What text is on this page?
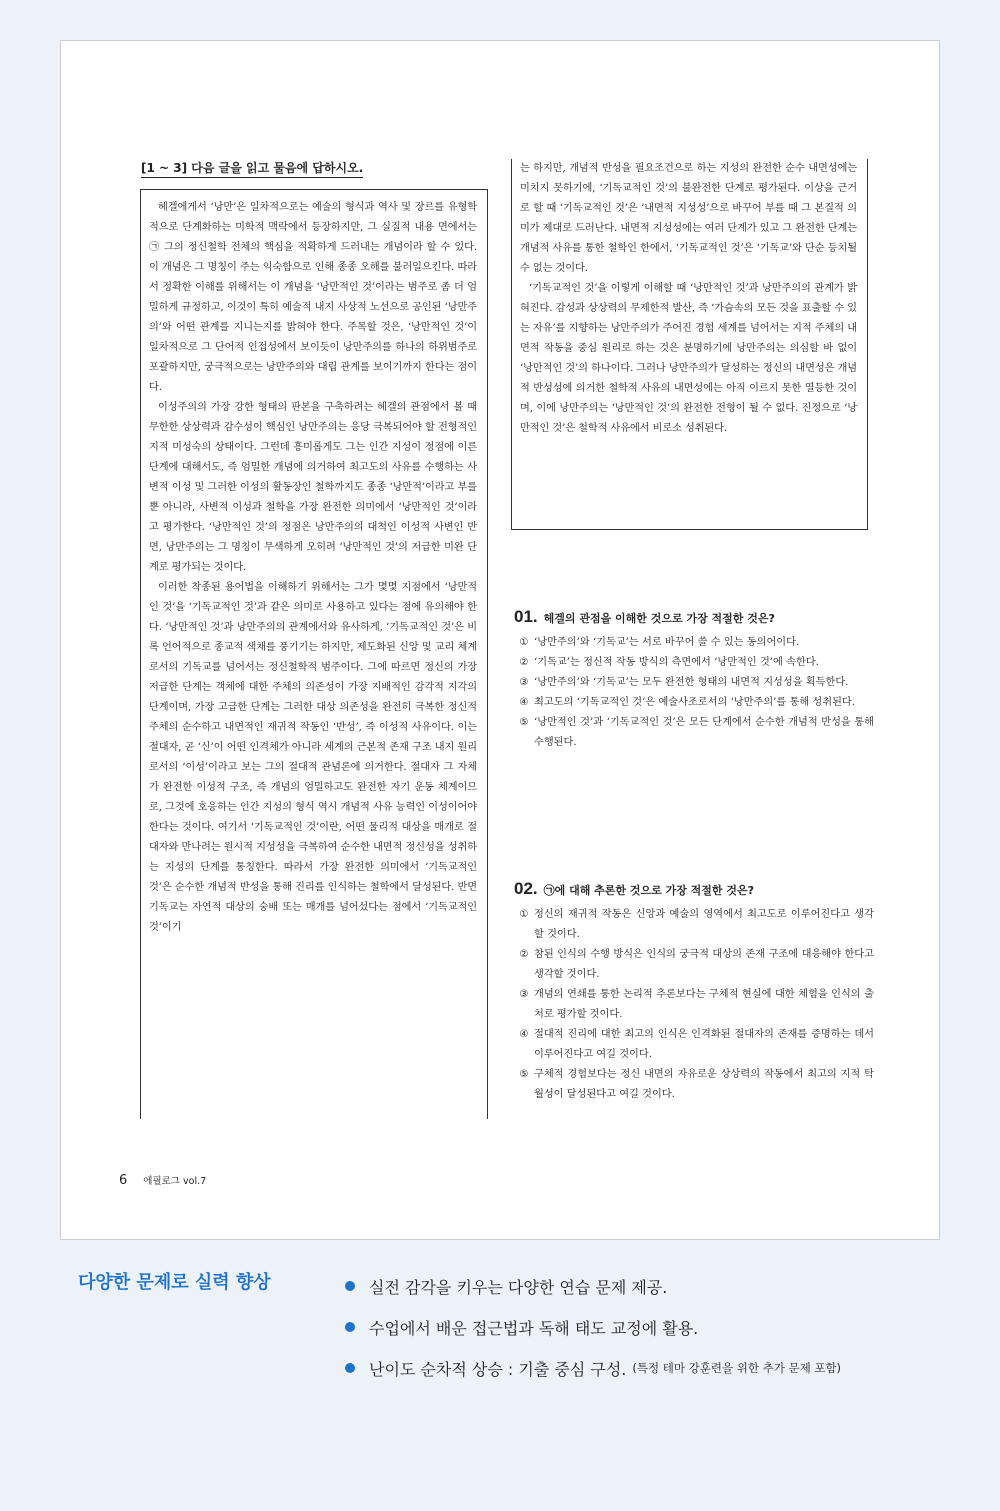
[1 ~ 3] 다음 글을 읽고 물음에 답하시오.

헤겔에게서 ‘낭만’은 일차적으로는 예술의 형식과 역사 및 장르를 유형학적으로 단계화하는 미학적 맥락에서 등장하지만, 그 실질적 내용 면에서는 ㉠ 그의 정신철학 전체의 핵심을 적확하게 드러내는 개념이라 할 수 있다. 이 개념은 그 명칭이 주는 익숙함으로 인해 종종 오해를 불러일으킨다. 따라서 정확한 이해를 위해서는 이 개념을 ‘낭만적인 것’이라는 범주로 좀 더 엄밀하게 규정하고, 이것이 특히 예술적 내지 사상적 노선으로 공인된 ‘낭만주의’와 어떤 관계를 지니는지를 밝혀야 한다. 주목할 것은, ‘낭만적인 것’이 일차적으로 그 단어적 인접성에서 보이듯이 낭만주의를 하나의 하위범주로 포괄하지만, 궁극적으로는 낭만주의와 대립 관계를 보이기까지 한다는 점이다.

이성주의의 가장 강한 형태의 판본을 구축하려는 헤겔의 관점에서 볼 때 무한한 상상력과 감수성이 핵심인 낭만주의는 응당 극복되어야 할 전형적인 지적 미성숙의 상태이다. 그런데 흥미롭게도 그는 인간 지성이 정점에 이른 단계에 대해서도, 즉 엄밀한 개념에 의거하여 최고도의 사유를 수행하는 사변적 이성 및 그러한 이성의 활동장인 철학까지도 종종 ‘낭만적’이라고 부를 뿐 아니라, 사변적 이성과 철학을 가장 완전한 의미에서 ‘낭만적인 것’이라고 평가한다. ‘낭만적인 것’의 정점은 낭만주의의 대척인 이성적 사변인 반면, 낭만주의는 그 명칭이 무색하게 오히려 ‘낭만적인 것’의 저급한 미완 단계로 평가되는 것이다.

이러한 착종된 용어법을 이해하기 위해서는 그가 몇몇 지점에서 ‘낭만적인 것’을 ‘기독교적인 것’과 같은 의미로 사용하고 있다는 점에 유의해야 한다. ‘낭만적인 것’과 낭만주의의 관계에서와 유사하게, ‘기독교적인 것’은 비록 언어적으로 종교적 색채를 풍기기는 하지만, 제도화된 신앙 및 교리 체계로서의 기독교를 넘어서는 정신철학적 범주이다. 그에 따르면 정신의 가장 저급한 단계는 객체에 대한 주체의 의존성이 가장 지배적인 감각적 지각의 단계이며, 가장 고급한 단계는 그러한 대상 의존성을 완전히 극복한 정신적 주체의 순수하고 내면적인 재귀적 작동인 ‘반성’, 즉 이성적 사유이다. 이는 절대자, 곧 ‘신’이 어떤 인격체가 아니라 세계의 근본적 존재 구조 내지 원리로서의 ‘이성’이라고 보는 그의 절대적 관념론에 의거한다. 절대자 그 자체가 완전한 이성적 구조, 즉 개념의 엄밀하고도 완전한 자기 운동 체계이므로, 그것에 호응하는 인간 지성의 형식 역시 개념적 사유 능력인 이성이어야 한다는 것이다. 여기서 ‘기독교적인 것’이란, 어떤 물리적 대상을 매개로 절대자와 만나려는 원시적 지성성을 극복하여 순수한 내면적 정신성을 성취하는 지성의 단계를 통칭한다. 따라서 가장 완전한 의미에서 ‘기독교적인 것’은 순수한 개념적 반성을 통해 진리를 인식하는 철학에서 달성된다. 반면 기독교는 자연적 대상의 숭배 또는 매개를 넘어섰다는 점에서 ‘기독교적인 것’이기

는 하지만, 개념적 반성을 필요조건으로 하는 지성의 완전한 순수 내면성에는 미치지 못하기에, ‘기독교적인 것’의 불완전한 단계로 평가된다. 이상을 근거로 할 때 ‘기독교적인 것’은 ‘내면적 지성성’으로 바꾸어 부를 때 그 본질적 의미가 제대로 드러난다. 내면적 지성성에는 여러 단계가 있고 그 완전한 단계는 개념적 사유를 통한 철학인 한에서, ‘기독교적인 것’은 ‘기독교’와 단순 등치될 수 없는 것이다.

‘기독교적인 것’을 이렇게 이해할 때 ‘낭만적인 것’과 낭만주의의 관계가 밝혀진다. 감성과 상상력의 무제한적 발산, 즉 ‘가슴속의 모든 것을 표출할 수 있는 자유’를 지향하는 낭만주의가 주어진 경험 세계를 넘어서는 지적 주체의 내면적 작동을 중심 원리로 하는 것은 분명하기에 낭만주의는 의심할 바 없이 ‘낭만적인 것’의 하나이다. 그러나 낭만주의가 달성하는 정신의 내면성은 개념적 반성성에 의거한 철학적 사유의 내면성에는 아직 이르지 못한 열등한 것이며, 이에 낭만주의는 ‘낭만적인 것’의 완전한 전형이 될 수 없다. 진정으로 ‘낭만적인 것’은 철학적 사유에서 비로소 성취된다.

01. 헤겔의 관점을 이해한 것으로 가장 적절한 것은?
① ‘낭만주의’와 ‘기독교’는 서로 바꾸어 쓸 수 있는 동의어이다.
② ‘기독교’는 정신적 작동 방식의 측면에서 ‘낭만적인 것’에 속한다.
③ ‘낭만주의’와 ‘기독교’는 모두 완전한 형태의 내면적 지성성을 획득한다.
④ 최고도의 ‘기독교적인 것’은 예술사조로서의 ‘낭만주의’를 통해 성취된다.
⑤ ‘낭만적인 것’과 ‘기독교적인 것’은 모든 단계에서 순수한 개념적 반성을 통해 수행된다.
02. ㉠에 대해 추론한 것으로 가장 적절한 것은?
① 정신의 재귀적 작동은 신앙과 예술의 영역에서 최고도로 이루어진다고 생각할 것이다.
② 참된 인식의 수행 방식은 인식의 궁극적 대상의 존재 구조에 대응해야 한다고 생각할 것이다.
③ 개념의 연쇄를 통한 논리적 추론보다는 구체적 현실에 대한 체험을 인식의 출처로 평가할 것이다.
④ 절대적 진리에 대한 최고의 인식은 인격화된 절대자의 존재를 증명하는 데서 이루어진다고 여길 것이다.
⑤ 구체적 경험보다는 정신 내면의 자유로운 상상력의 작동에서 최고의 지적 탁월성이 달성된다고 여길 것이다.
6 에필로그 vol.7
다양한 문제로 실력 향상	실전 감각을 키우는 다양한 연습 문제 제공.
수업에서 배운 접근법과 독해 태도 교정에 활용.
난이도 순차적 상승 : 기출 중심 구성. (특정 테마 강훈련을 위한 추가 문제 포함)
